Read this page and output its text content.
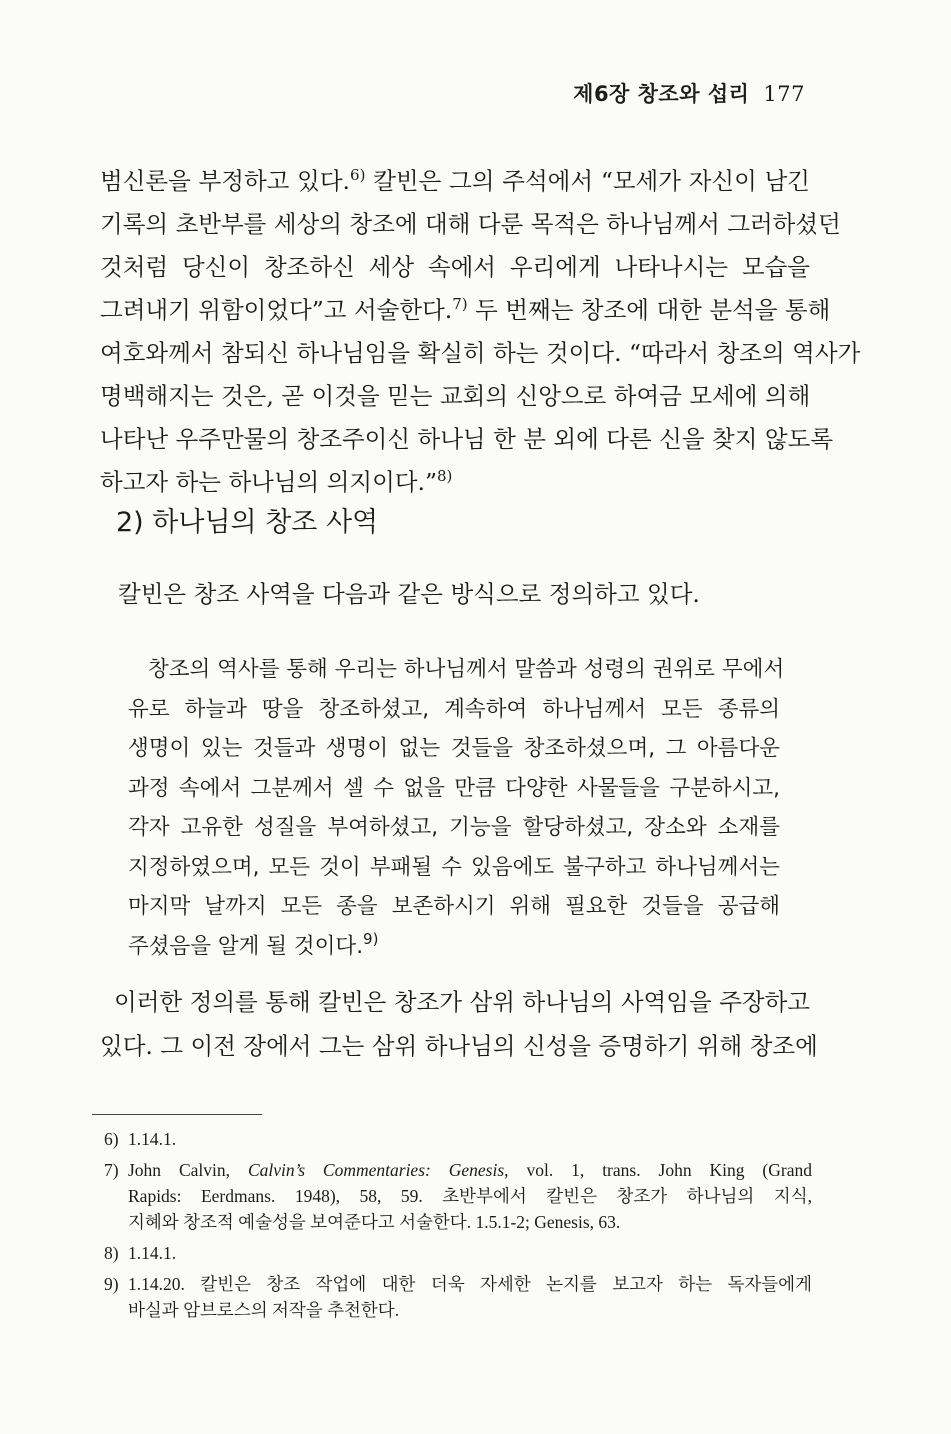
제6장 창조와 섭리 177
범신론을 부정하고 있다.$^{6)}$ 칼빈은 그의 주석에서 “모세가 자신이 남긴
기록의 초반부를 세상의 창조에 대해 다룬 목적은 하나님께서 그러하셨던
것처럼 당신이 창조하신 세상 속에서 우리에게 나타나시는 모습을
그려내기 위함이었다”고 서술한다.$^{7)}$ 두 번째는 창조에 대한 분석을 통해
여호와께서 참되신 하나님임을 확실히 하는 것이다. “따라서 창조의 역사가
명백해지는 것은, 곧 이것을 믿는 교회의 신앙으로 하여금 모세에 의해
나타난 우주만물의 창조주이신 하나님 한 분 외에 다른 신을 찾지 않도록
하고자 하는 하나님의 의지이다.”$^{8)}$
2) 하나님의 창조 사역
칼빈은 창조 사역을 다음과 같은 방식으로 정의하고 있다.
창조의 역사를 통해 우리는 하나님께서 말씀과 성령의 권위로 무에서
유로 하늘과 땅을 창조하셨고, 계속하여 하나님께서 모든 종류의
생명이 있는 것들과 생명이 없는 것들을 창조하셨으며, 그 아름다운
과정 속에서 그분께서 셀 수 없을 만큼 다양한 사물들을 구분하시고,
각자 고유한 성질을 부여하셨고, 기능을 할당하셨고, 장소와 소재를
지정하였으며, 모든 것이 부패될 수 있음에도 불구하고 하나님께서는
마지막 날까지 모든 종을 보존하시기 위해 필요한 것들을 공급해
주셨음을 알게 될 것이다.$^{9)}$
이러한 정의를 통해 칼빈은 창조가 삼위 하나님의 사역임을 주장하고
있다. 그 이전 장에서 그는 삼위 하나님의 신성을 증명하기 위해 창조에
6) 1.14.1.
7) John Calvin, Calvin’s Commentaries: Genesis, vol. 1, trans. John King (Grand
Rapids: Eerdmans. 1948), 58, 59. 초반부에서 칼빈은 창조가 하나님의 지식,
지혜와 창조적 예술성을 보여준다고 서술한다. 1.5.1-2; Genesis, 63.
8) 1.14.1.
9) 1.14.20. 칼빈은 창조 작업에 대한 더욱 자세한 논지를 보고자 하는 독자들에게
바실과 암브로스의 저작을 추천한다.
